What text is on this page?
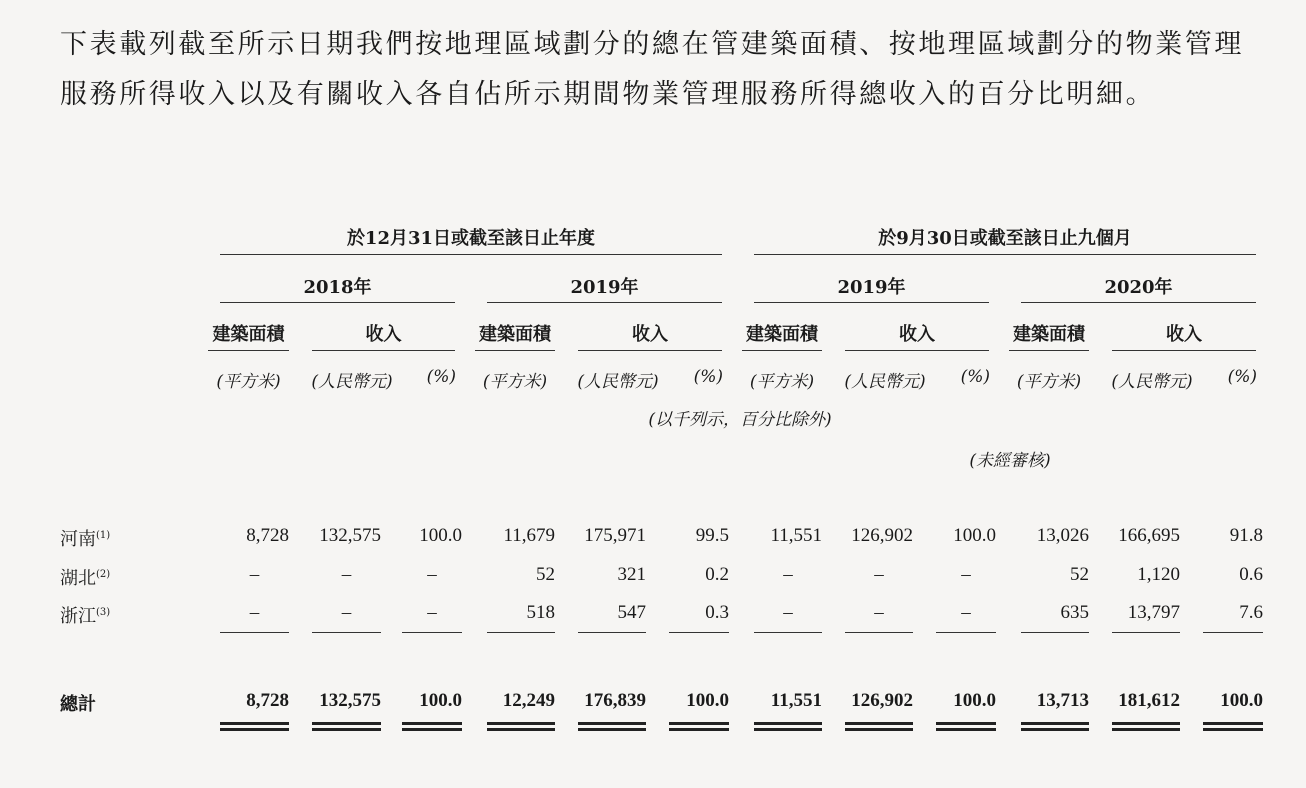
下表載列截至所示日期我們按地理區域劃分的總在管建築面積、按地理區域劃分的物業管理服務所得收入以及有關收入各自佔所示期間物業管理服務所得總收入的百分比明細。

於12月31日或截至該日止年度	於9月30日或截至該日止九個月
2018年	2019年	2019年	2020年
建築面積	收入	建築面積	收入	建築面積	收入	建築面積	收入
(平方米)	(人民幣元)	(%)	(平方米)	(人民幣元)	(%)	(平方米)	(人民幣元)	(%)	(平方米)	(人民幣元)	(%)
(以千列示，百分比除外)
(未經審核)
河南$^{(1)}$	8,728	132,575	100.0	11,679	175,971	99.5	11,551	126,902	100.0	13,026	166,695	91.8
湖北$^{(2)}$	–	–	–	52	321	0.2	–	–	–	52	1,120	0.6
浙江$^{(3)}$	–	–	–	518	547	0.3	–	–	–	635	13,797	7.6
總計	8,728	132,575	100.0	12,249	176,839	100.0	11,551	126,902	100.0	13,713	181,612	100.0
